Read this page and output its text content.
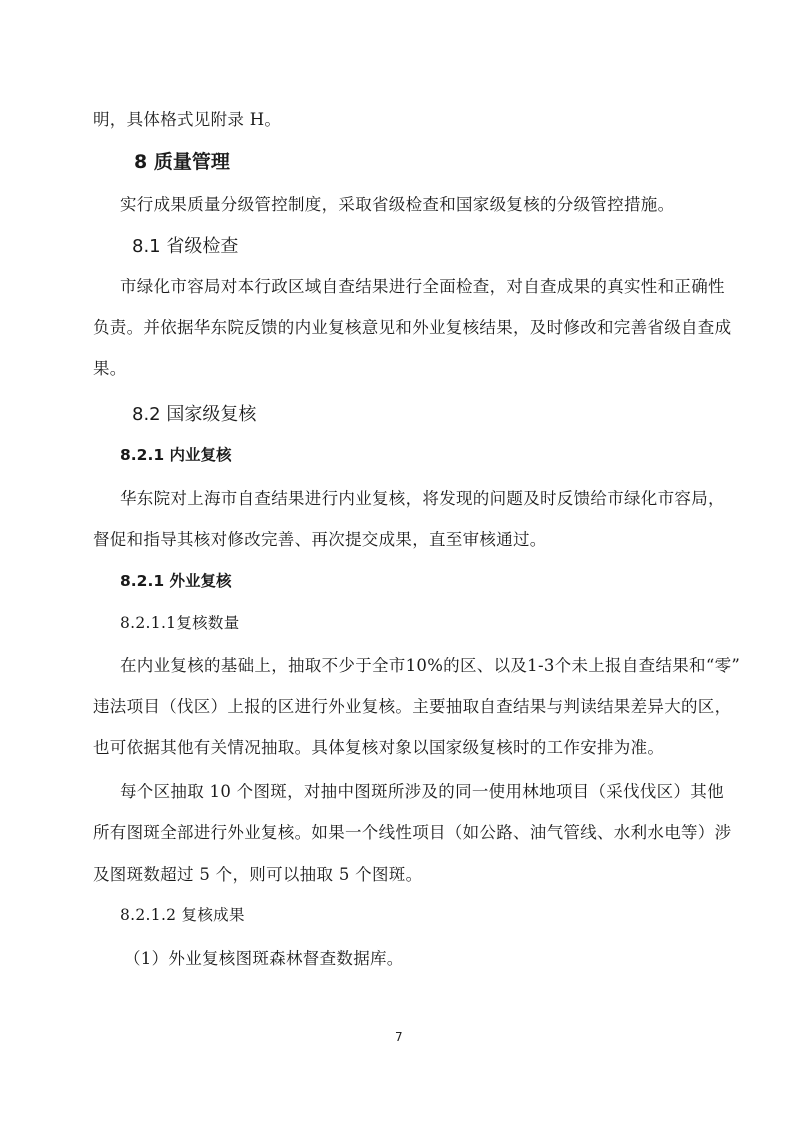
明，具体格式见附录 H。
8 质量管理
实行成果质量分级管控制度，采取省级检查和国家级复核的分级管控措施。
8.1 省级检查
市绿化市容局对本行政区域自查结果进行全面检查，对自查成果的真实性和正确性
负责。并依据华东院反馈的内业复核意见和外业复核结果，及时修改和完善省级自查成
果。
8.2 国家级复核
8.2.1 内业复核
华东院对上海市自查结果进行内业复核，将发现的问题及时反馈给市绿化市容局，
督促和指导其核对修改完善、再次提交成果，直至审核通过。
8.2.1 外业复核
8.2.1.1复核数量
在内业复核的基础上，抽取不少于全市10%的区、以及1-3个未上报自查结果和“零”
违法项目（伐区）上报的区进行外业复核。主要抽取自查结果与判读结果差异大的区，
也可依据其他有关情况抽取。具体复核对象以国家级复核时的工作安排为准。
每个区抽取 10 个图斑，对抽中图斑所涉及的同一使用林地项目（采伐伐区）其他
所有图斑全部进行外业复核。如果一个线性项目（如公路、油气管线、水利水电等）涉
及图斑数超过 5 个，则可以抽取 5 个图斑。
8.2.1.2 复核成果
（1）外业复核图斑森林督查数据库。
7
